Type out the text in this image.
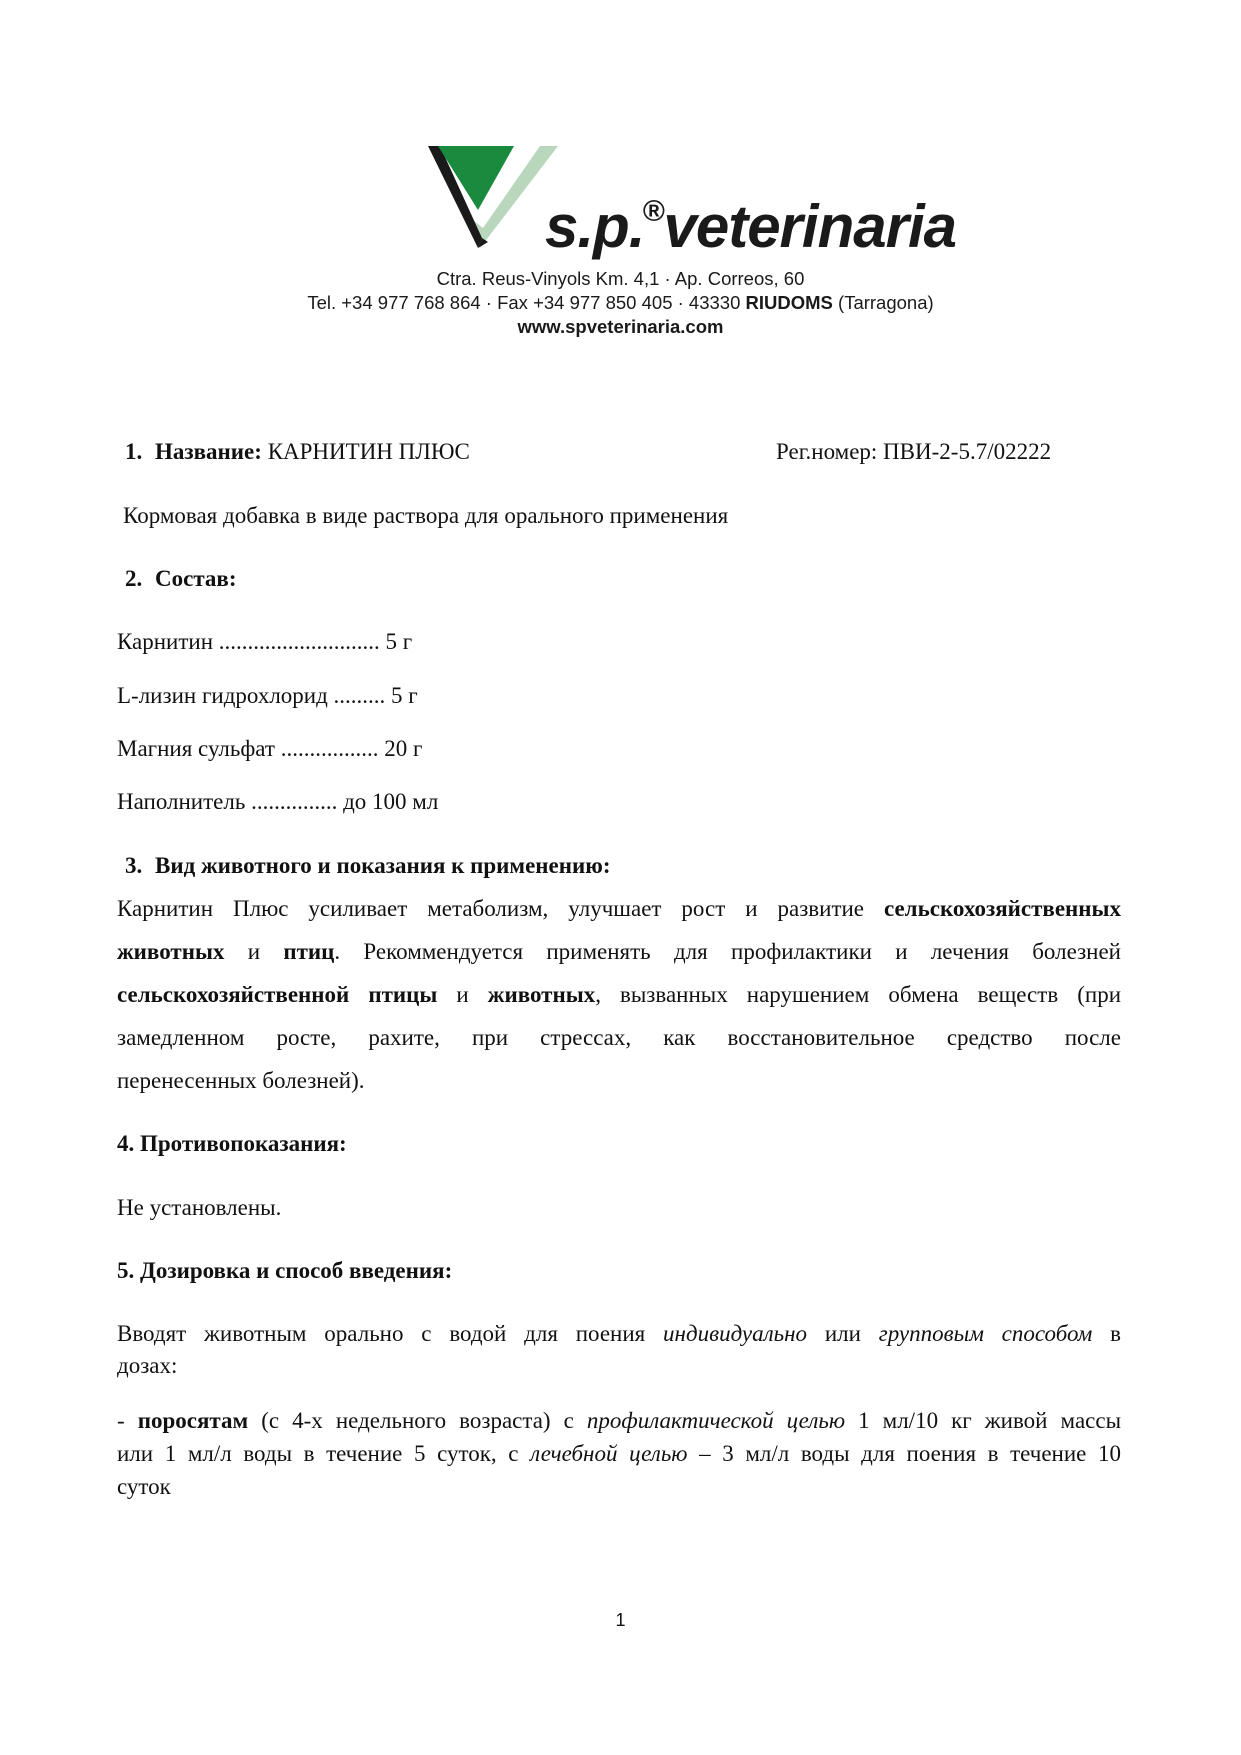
s.p.®veterinaria
Ctra. Reus-Vinyols Km. 4,1 · Ap. Correos, 60
Tel. +34 977 768 864 · Fax +34 977 850 405 · 43330 RIUDOMS (Tarragona)
www.spveterinaria.com
1. Название: КАРНИТИН ПЛЮС	Рег.номер: ПВИ-2-5.7/02222
Кормовая добавка в виде раствора для орального применения
2. Состав:
Карнитин ............................ 5 г
L-лизин гидрохлорид ......... 5 г
Магния сульфат ................. 20 г
Наполнитель ............... до 100 мл
3. Вид животного и показания к применению:
Карнитин Плюс усиливает метаболизм, улучшает рост и развитие сельскохозяйственных
животных и птиц. Рекоммендуется применять для профилактики и лечения болезней
сельскохозяйственной птицы и животных, вызванных нарушением обмена веществ (при
замедленном росте, рахите, при стрессах, как восстановительное средство после
перенесенных болезней).
4. Противопоказания:
Не установлены.
5. Дозировка и способ введения:
Вводят животным орально с водой для поения индивидуально или групповым способом в
дозах:
- поросятам (с 4-х недельного возраста) с профилактической целью 1 мл/10 кг живой массы
или 1 мл/л воды в течение 5 суток, с лечебной целью – 3 мл/л воды для поения в течение 10
суток
1
